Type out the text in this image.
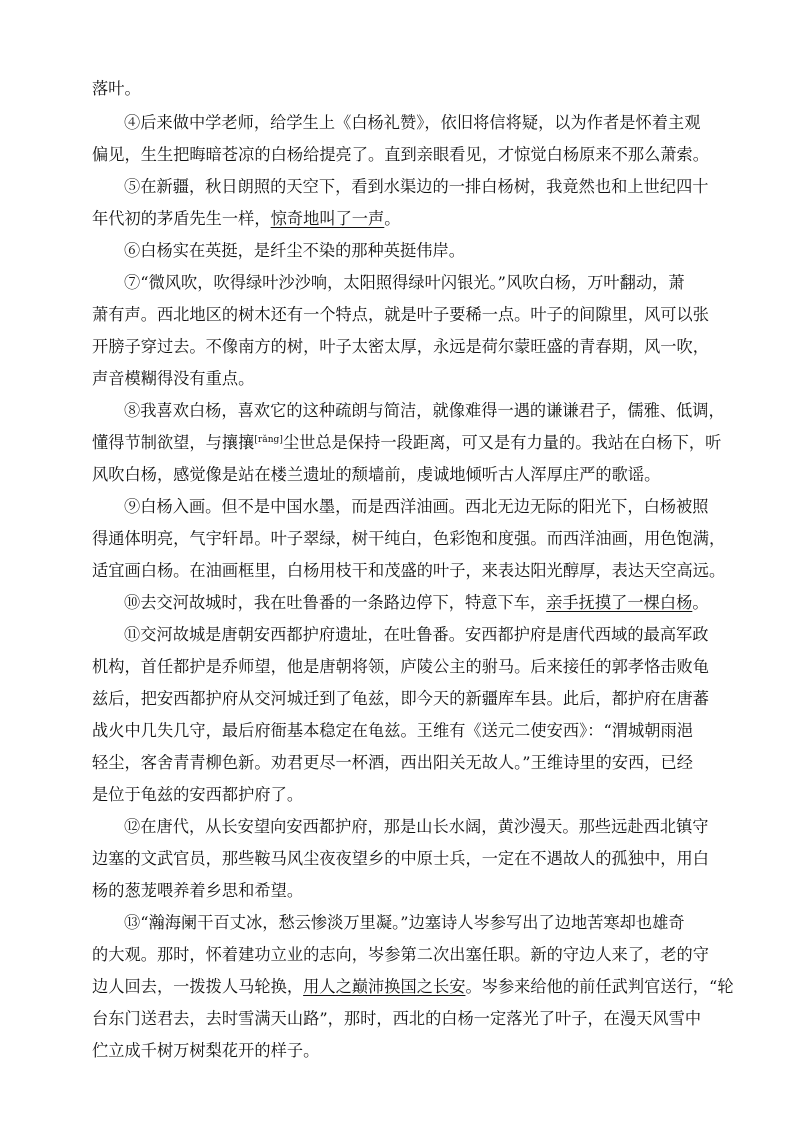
落叶。
④后来做中学老师，给学生上《白杨礼赞》，依旧将信将疑，以为作者是怀着主观
偏见，生生把晦暗苍凉的白杨给提亮了。直到亲眼看见，才惊觉白杨原来不那么萧索。
⑤在新疆，秋日朗照的天空下，看到水渠边的一排白杨树，我竟然也和上世纪四十
年代初的茅盾先生一样，惊奇地叫了一声。
⑥白杨实在英挺，是纤尘不染的那种英挺伟岸。
⑦“微风吹，吹得绿叶沙沙响，太阳照得绿叶闪银光。”风吹白杨，万叶翻动，萧
萧有声。西北地区的树木还有一个特点，就是叶子要稀一点。叶子的间隙里，风可以张
开膀子穿过去。不像南方的树，叶子太密太厚，永远是荷尔蒙旺盛的青春期，风一吹，
声音模糊得没有重点。
⑧我喜欢白杨，喜欢它的这种疏朗与简洁，就像难得一遇的谦谦君子，儒雅、低调，
懂得节制欲望，与攘攘[rǎng]尘世总是保持一段距离，可又是有力量的。我站在白杨下，听
风吹白杨，感觉像是站在楼兰遗址的颓墙前，虔诚地倾听古人浑厚庄严的歌谣。
⑨白杨入画。但不是中国水墨，而是西洋油画。西北无边无际的阳光下，白杨被照
得通体明亮，气宇轩昂。叶子翠绿，树干纯白，色彩饱和度强。而西洋油画，用色饱满，
适宜画白杨。在油画框里，白杨用枝干和茂盛的叶子，来表达阳光醇厚，表达天空高远。
⑩去交河故城时，我在吐鲁番的一条路边停下，特意下车，亲手抚摸了一棵白杨。
⑪交河故城是唐朝安西都护府遗址，在吐鲁番。安西都护府是唐代西域的最高军政
机构，首任都护是乔师望，他是唐朝将领，庐陵公主的驸马。后来接任的郭孝恪击败龟
兹后，把安西都护府从交河城迁到了龟兹，即今天的新疆库车县。此后，都护府在唐蕃
战火中几失几守，最后府衙基本稳定在龟兹。王维有《送元二使安西》：“渭城朝雨浥
轻尘，客舍青青柳色新。劝君更尽一杯酒，西出阳关无故人。”王维诗里的安西，已经
是位于龟兹的安西都护府了。
⑫在唐代，从长安望向安西都护府，那是山长水阔，黄沙漫天。那些远赴西北镇守
边塞的文武官员，那些鞍马风尘夜夜望乡的中原士兵，一定在不遇故人的孤独中，用白
杨的葱茏喂养着乡思和希望。
⑬“瀚海阑干百丈冰，愁云惨淡万里凝。”边塞诗人岑参写出了边地苦寒却也雄奇
的大观。那时，怀着建功立业的志向，岑参第二次出塞任职。新的守边人来了，老的守
边人回去，一拨拨人马轮换，用人之巅沛换国之长安。岑参来给他的前任武判官送行，“轮
台东门送君去，去时雪满天山路”，那时，西北的白杨一定落光了叶子，在漫天风雪中
伫立成千树万树梨花开的样子。
